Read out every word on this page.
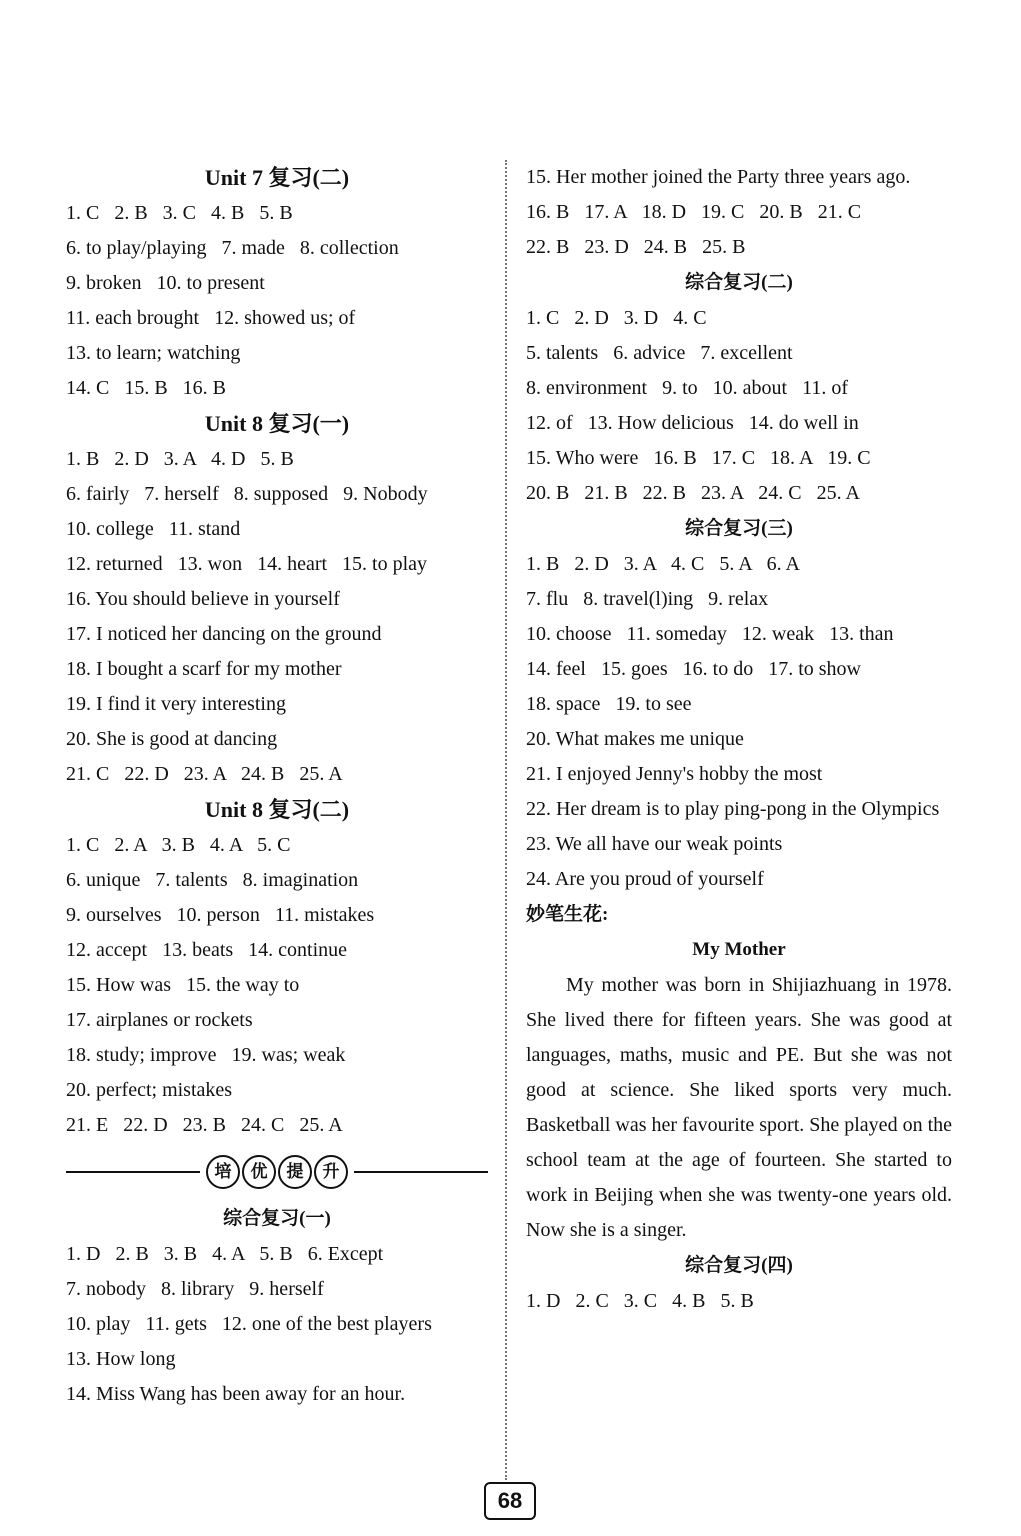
Unit 7 复习(二)
1. C   2. B   3. C   4. B   5. B
6. to play/playing   7. made   8. collection
9. broken   10. to present
11. each brought   12. showed us; of
13. to learn; watching
14. C   15. B   16. B
Unit 8 复习(一)
1. B   2. D   3. A   4. D   5. B
6. fairly   7. herself   8. supposed   9. Nobody
10. college   11. stand
12. returned   13. won   14. heart   15. to play
16. You should believe in yourself
17. I noticed her dancing on the ground
18. I bought a scarf for my mother
19. I find it very interesting
20. She is good at dancing
21. C   22. D   23. A   24. B   25. A
Unit 8 复习(二)
1. C   2. A   3. B   4. A   5. C
6. unique   7. talents   8. imagination
9. ourselves   10. person   11. mistakes
12. accept   13. beats   14. continue
15. How was   15. the way to
17. airplanes or rockets
18. study; improve   19. was; weak
20. perfect; mistakes
21. E   22. D   23. B   24. C   25. A
培	优	提	升
综合复习(一)
1. D   2. B   3. B   4. A   5. B   6. Except
7. nobody   8. library   9. herself
10. play   11. gets   12. one of the best players
13. How long
14. Miss Wang has been away for an hour.
15. Her mother joined the Party three years ago.
16. B   17. A   18. D   19. C   20. B   21. C
22. B   23. D   24. B   25. B
综合复习(二)
1. C   2. D   3. D   4. C
5. talents   6. advice   7. excellent
8. environment   9. to   10. about   11. of
12. of   13. How delicious   14. do well in
15. Who were   16. B   17. C   18. A   19. C
20. B   21. B   22. B   23. A   24. C   25. A
综合复习(三)
1. B   2. D   3. A   4. C   5. A   6. A
7. flu   8. travel(l)ing   9. relax
10. choose   11. someday   12. weak   13. than
14. feel   15. goes   16. to do   17. to show
18. space   19. to see
20. What makes me unique
21. I enjoyed Jenny's hobby the most
22. Her dream is to play ping-pong in the Olympics
23. We all have our weak points
24. Are you proud of yourself
妙笔生花:
My Mother

My mother was born in Shijiazhuang in 1978. She lived there for fifteen years. She was good at languages, maths, music and PE. But she was not good at science. She liked sports very much. Basketball was her favourite sport. She played on the school team at the age of fourteen. She started to work in Beijing when she was twenty-one years old. Now she is a singer.

综合复习(四)
1. D   2. C   3. C   4. B   5. B
68
